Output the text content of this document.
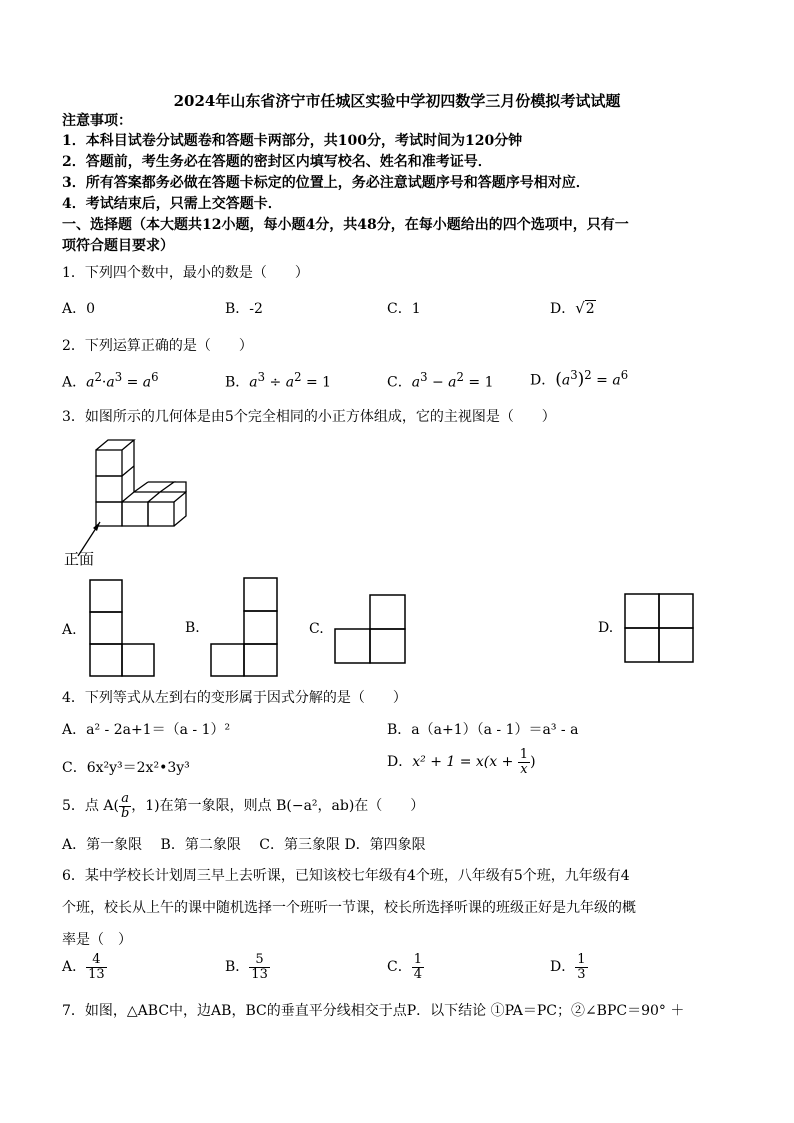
2024年山东省济宁市任城区实验中学初四数学三月份模拟考试试题
注意事项：
1．本科目试卷分试题卷和答题卡两部分，共100分，考试时间为120分钟
2．答题前，考生务必在答题的密封区内填写校名、姓名和准考证号．
3．所有答案都务必做在答题卡标定的位置上，务必注意试题序号和答题序号相对应．
4．考试结束后，只需上交答题卡．
一、选择题（本大题共12小题，每小题4分，共48分，在每小题给出的四个选项中，只有一
项符合题目要求）
1．下列四个数中，最小的数是（　　）
A．0	B．-2	C．1	D．√2
2．下列运算正确的是（　　）
A．$a^2\cdot a^3 = a^6$	B．$a^3 \div a^2 = 1$	C．$a^3 - a^2 = 1$	D．$(a^3)^2 = a^6$
3．如图所示的几何体是由5个完全相同的小正方体组成，它的主视图是（　　）
正面
A.	B.	C.	D.
4．下列等式从左到右的变形属于因式分解的是（　　）
A．a² - 2a+1＝（a - 1）²	B．a（a+1）（a - 1）＝a³ - a
C．6x²y³＝2x²•3y³	D．$x^2 + 1 = x(x + \frac{1}{x}$ )
5．点 $A( \frac{a}{b}$ ，1)在第一象限，则点 B(−a²，ab)在（　　）
A．第一象限　 B．第二象限　 C．第三象限 D．第四象限
6．某中学校长计划周三早上去听课，已知该校七年级有4个班，八年级有5个班，九年级有4
个班，校长从上午的课中随机选择一个班听一节课，校长所选择听课的班级正好是九年级的概
率是（　）
A． $\frac{4}{13}$	B． $\frac{5}{13}$	C． $\frac{1}{4}$	D． $\frac{1}{3}$
7．如图，△ABC中，边AB，BC的垂直平分线相交于点P．以下结论 ①PA＝PC；②∠BPC＝90° ＋
